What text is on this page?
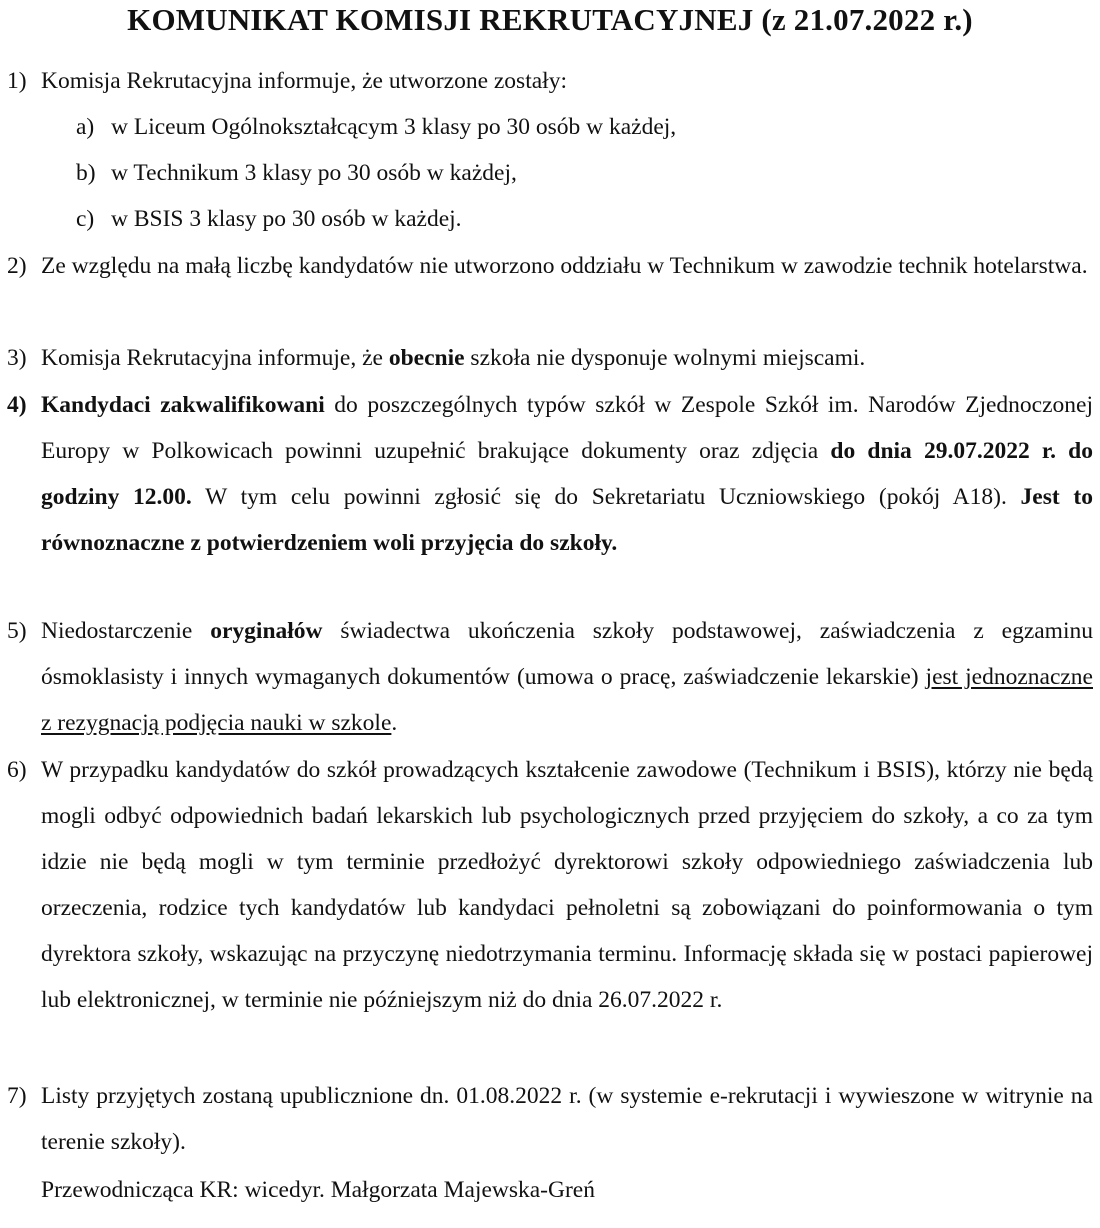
KOMUNIKAT KOMISJI REKRUTACYJNEJ (z 21.07.2022 r.)
1) Komisja Rekrutacyjna informuje, że utworzone zostały:
a) w Liceum Ogólnokształcącym 3 klasy po 30 osób w każdej,
b) w Technikum 3 klasy po 30 osób w każdej,
c) w BSIS 3 klasy po 30 osób w każdej.
2) Ze względu na małą liczbę kandydatów nie utworzono oddziału w Technikum w zawodzie technik hotelarstwa.
3) Komisja Rekrutacyjna informuje, że obecnie szkoła nie dysponuje wolnymi miejscami.
4) Kandydaci zakwalifikowani do poszczególnych typów szkół w Zespole Szkół im. Narodów Zjednoczonej Europy w Polkowicach powinni uzupełnić brakujące dokumenty oraz zdjęcia do dnia 29.07.2022 r. do godziny 12.00. W tym celu powinni zgłosić się do Sekretariatu Uczniowskiego (pokój A18). Jest to równoznaczne z potwierdzeniem woli przyjęcia do szkoły.
5) Niedostarczenie oryginałów świadectwa ukończenia szkoły podstawowej, zaświadczenia z egzaminu ósmoklasisty i innych wymaganych dokumentów (umowa o pracę, zaświadczenie lekarskie) jest jednoznaczne z rezygnacją podjęcia nauki w szkole.
6) W przypadku kandydatów do szkół prowadzących kształcenie zawodowe (Technikum i BSIS), którzy nie będą mogli odbyć odpowiednich badań lekarskich lub psychologicznych przed przyjęciem do szkoły, a co za tym idzie nie będą mogli w tym terminie przedłożyć dyrektorowi szkoły odpowiedniego zaświadczenia lub orzeczenia, rodzice tych kandydatów lub kandydaci pełnoletni są zobowiązani do poinformowania o tym dyrektora szkoły, wskazując na przyczynę niedotrzymania terminu. Informację składa się w postaci papierowej lub elektronicznej, w terminie nie późniejszym niż do dnia 26.07.2022 r.
7) Listy przyjętych zostaną upublicznione dn. 01.08.2022 r. (w systemie e-rekrutacji i wywieszone w witrynie na terenie szkoły).
Przewodnicząca KR: wicedyr. Małgorzata Majewska-Greń
